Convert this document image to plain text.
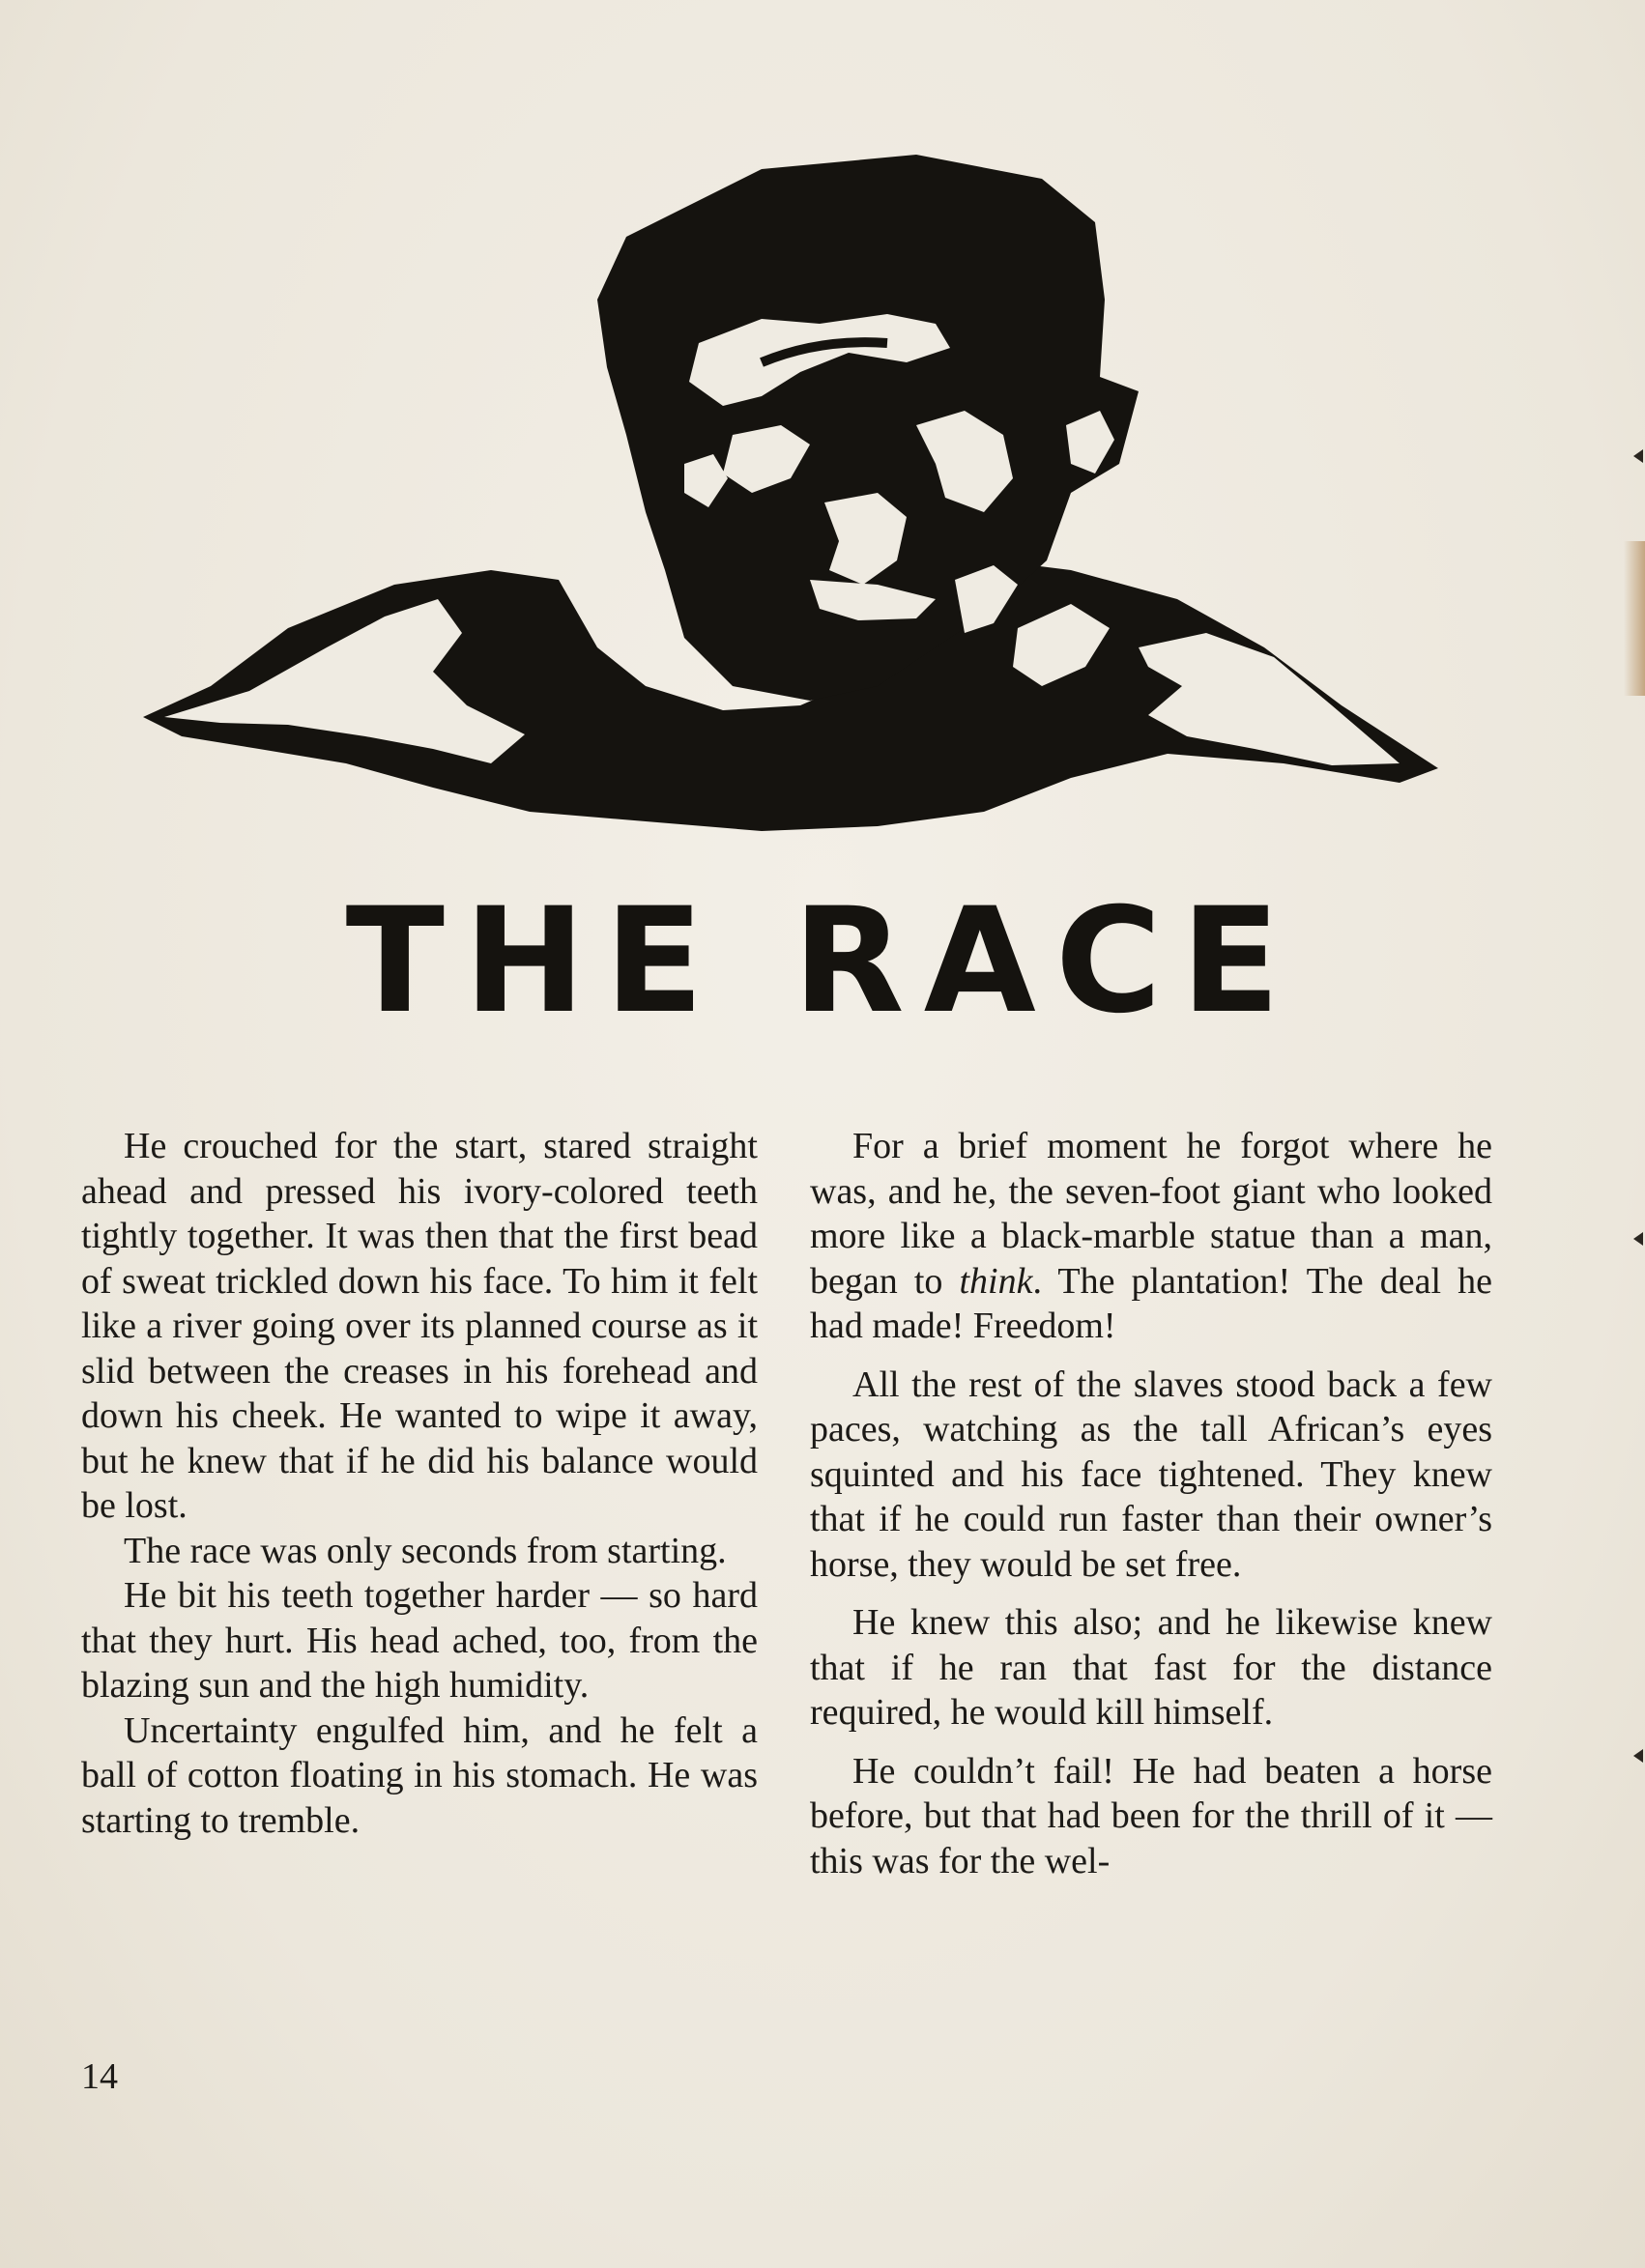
THE RACE

He crouched for the start, stared straight ahead and pressed his ivory-colored teeth tightly together. It was then that the first bead of sweat trickled down his face. To him it felt like a river going over its planned course as it slid between the creases in his forehead and down his cheek. He wanted to wipe it away, but he knew that if he did his balance would be lost.

The race was only seconds from starting.

He bit his teeth together harder — so hard that they hurt. His head ached, too, from the blazing sun and the high humidity.

Uncertainty engulfed him, and he felt a ball of cotton floating in his stomach. He was starting to tremble.

For a brief moment he forgot where he was, and he, the seven-foot giant who looked more like a black-marble statue than a man, began to think. The plantation! The deal he had made! Freedom!

All the rest of the slaves stood back a few paces, watching as the tall African’s eyes squinted and his face tightened. They knew that if he could run faster than their owner’s horse, they would be set free.

He knew this also; and he likewise knew that if he ran that fast for the distance required, he would kill himself.

He couldn’t fail! He had beaten a horse before, but that had been for the thrill of it — this was for the wel-

14
